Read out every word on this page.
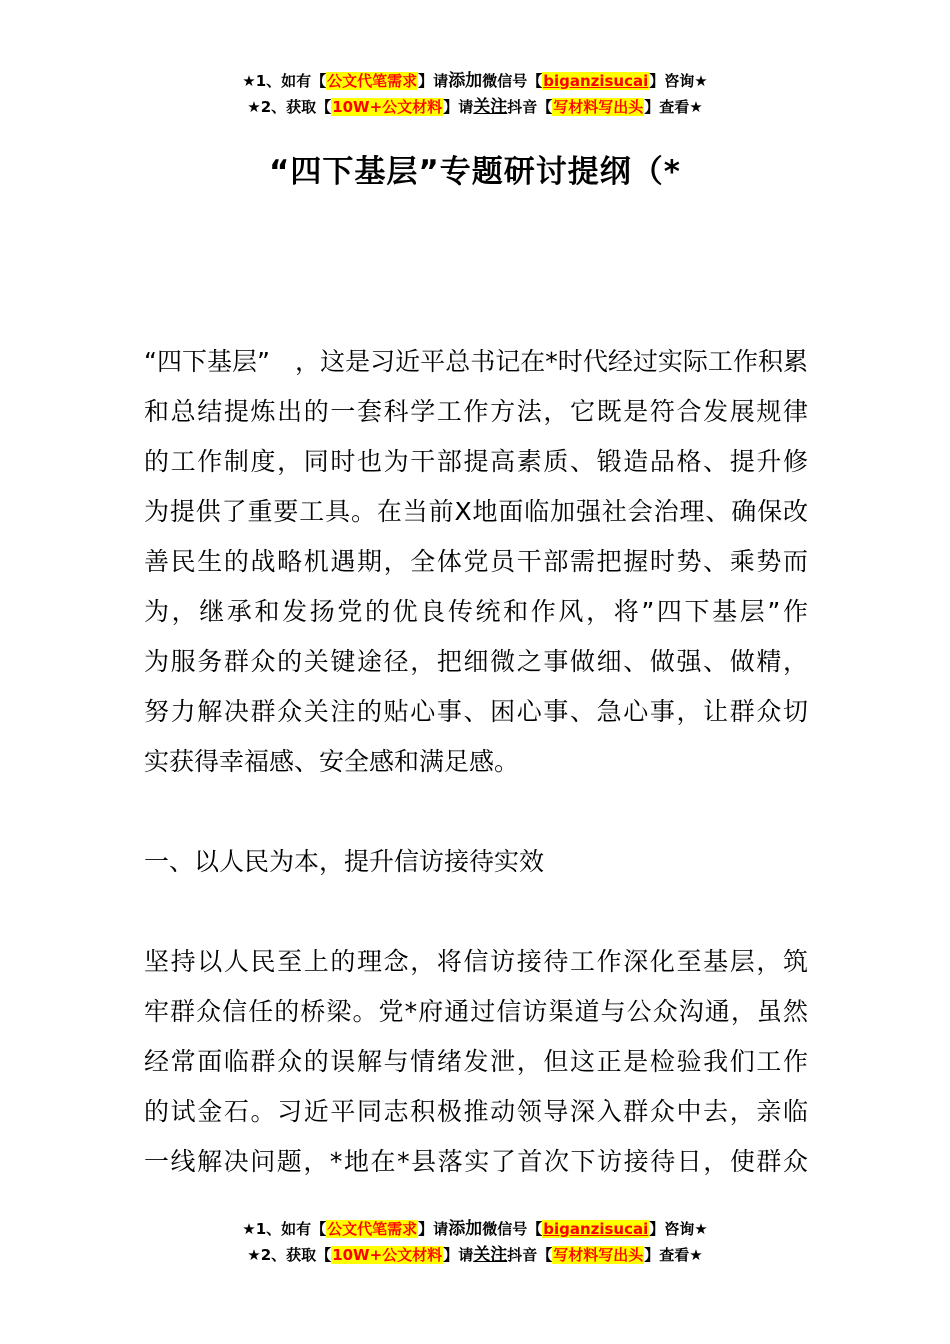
★1、如有【公文代笔需求】请添加微信号【biganzisucai】咨询★
★2、获取【10W+公文材料】请关注抖音【写材料写出头】查看★
“四下基层”专题研讨提纲（*
“四下基层”　，这是习近平总书记在*时代经过实际工作积累
和总结提炼出的一套科学工作方法，它既是符合发展规律
的工作制度，同时也为干部提高素质、锻造品格、提升修
为提供了重要工具。在当前X地面临加强社会治理、确保改
善民生的战略机遇期，全体党员干部需把握时势、乘势而
为，继承和发扬党的优良传统和作风，将”四下基层”作
为服务群众的关键途径，把细微之事做细、做强、做精，
努力解决群众关注的贴心事、困心事、急心事，让群众切
实获得幸福感、安全感和满足感。
一、以人民为本，提升信访接待实效
坚持以人民至上的理念，将信访接待工作深化至基层，筑
牢群众信任的桥梁。党*府通过信访渠道与公众沟通，虽然
经常面临群众的误解与情绪发泄，但这正是检验我们工作
的试金石。习近平同志积极推动领导深入群众中去，亲临
一线解决问题，*地在*县落实了首次下访接待日，使群众
★1、如有【公文代笔需求】请添加微信号【biganzisucai】咨询★
★2、获取【10W+公文材料】请关注抖音【写材料写出头】查看★
